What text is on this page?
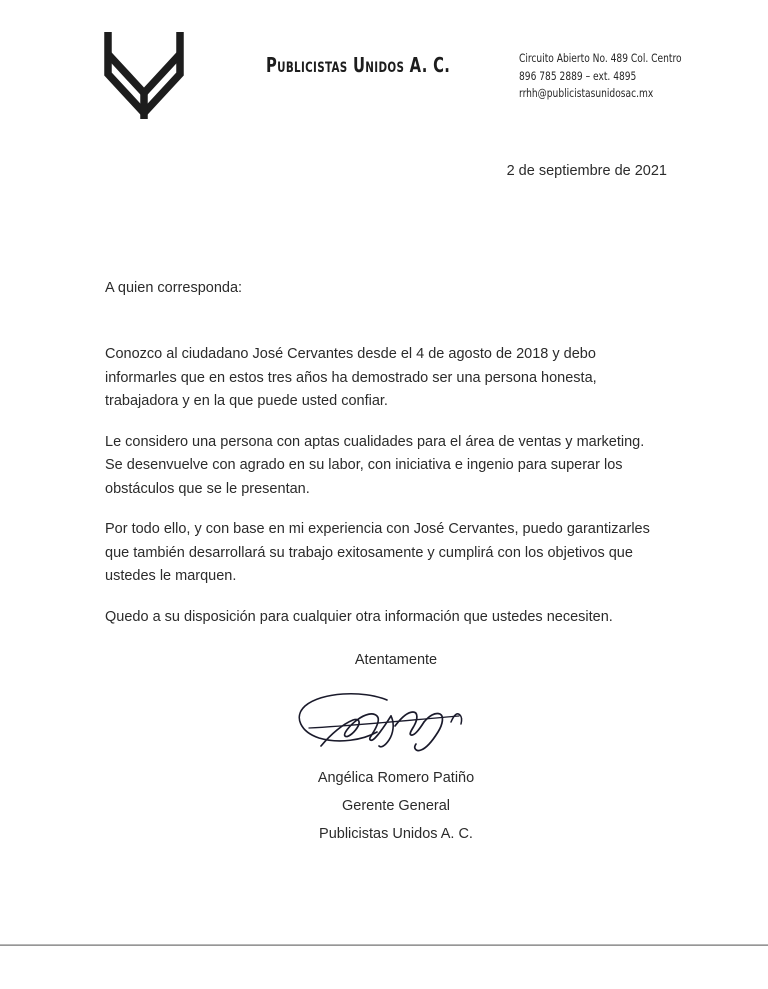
Publicistas Unidos A. C.	Circuito Abierto No. 489 Col. Centro
896 785 2889 – ext. 4895
rrhh@publicistasunidosac.mx
2 de septiembre de 2021

A quien corresponda:

Conozco al ciudadano José Cervantes desde el 4 de agosto de 2018 y debo informarles que en estos tres años ha demostrado ser una persona honesta, trabajadora y en la que puede usted confiar.

Le considero una persona con aptas cualidades para el área de ventas y marketing. Se desenvuelve con agrado en su labor, con iniciativa e ingenio para superar los obstáculos que se le presentan.

Por todo ello, y con base en mi experiencia con José Cervantes, puedo garantizarles que también desarrollará su trabajo exitosamente y cumplirá con los objetivos que ustedes le marquen.

Quedo a su disposición para cualquier otra información que ustedes necesiten.

Atentamente

Angélica Romero Patiño

Gerente General

Publicistas Unidos A. C.
